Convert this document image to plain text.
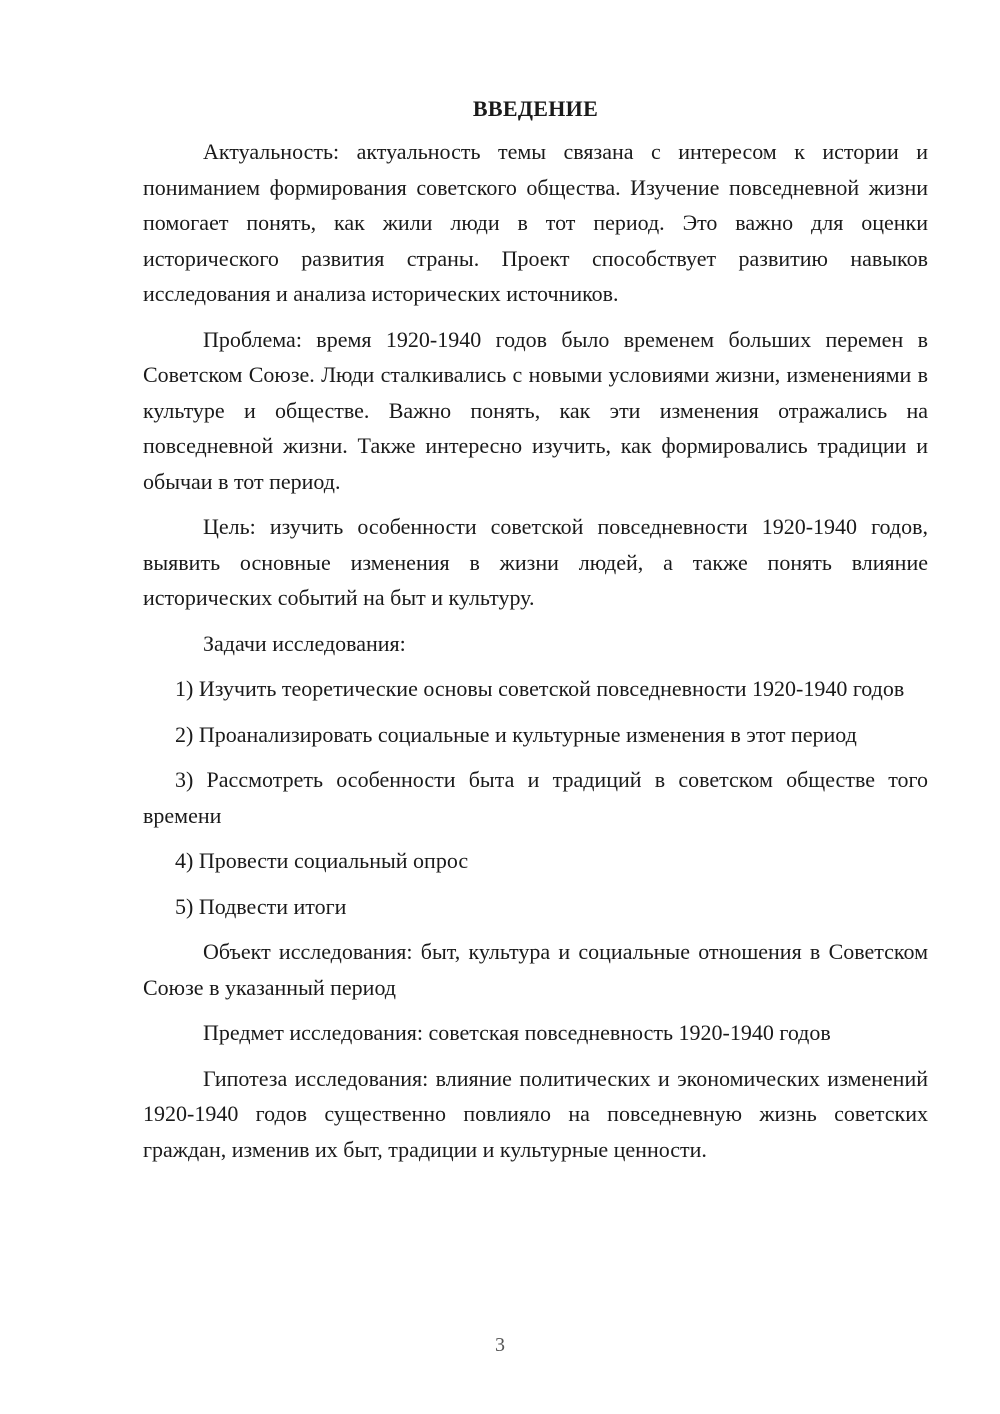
ВВЕДЕНИЕ

Актуальность: актуальность темы связана с интересом к истории и пониманием формирования советского общества. Изучение повседневной жизни помогает понять, как жили люди в тот период. Это важно для оценки исторического развития страны. Проект способствует развитию навыков исследования и анализа исторических источников.

Проблема: время 1920-1940 годов было временем больших перемен в Советском Союзе. Люди сталкивались с новыми условиями жизни, изменениями в культуре и обществе. Важно понять, как эти изменения отражались на повседневной жизни. Также интересно изучить, как формировались традиции и обычаи в тот период.

Цель: изучить особенности советской повседневности 1920-1940 годов, выявить основные изменения в жизни людей, а также понять влияние исторических событий на быт и культуру.

Задачи исследования:

1) Изучить теоретические основы советской повседневности 1920-1940 годов

2) Проанализировать социальные и культурные изменения в этот период

3) Рассмотреть особенности быта и традиций в советском обществе того времени

4) Провести социальный опрос

5) Подвести итоги

Объект исследования: быт, культура и социальные отношения в Советском Союзе в указанный период

Предмет исследования: советская повседневность 1920-1940 годов

Гипотеза исследования: влияние политических и экономических изменений 1920-1940 годов существенно повлияло на повседневную жизнь советских граждан, изменив их быт, традиции и культурные ценности.

3
